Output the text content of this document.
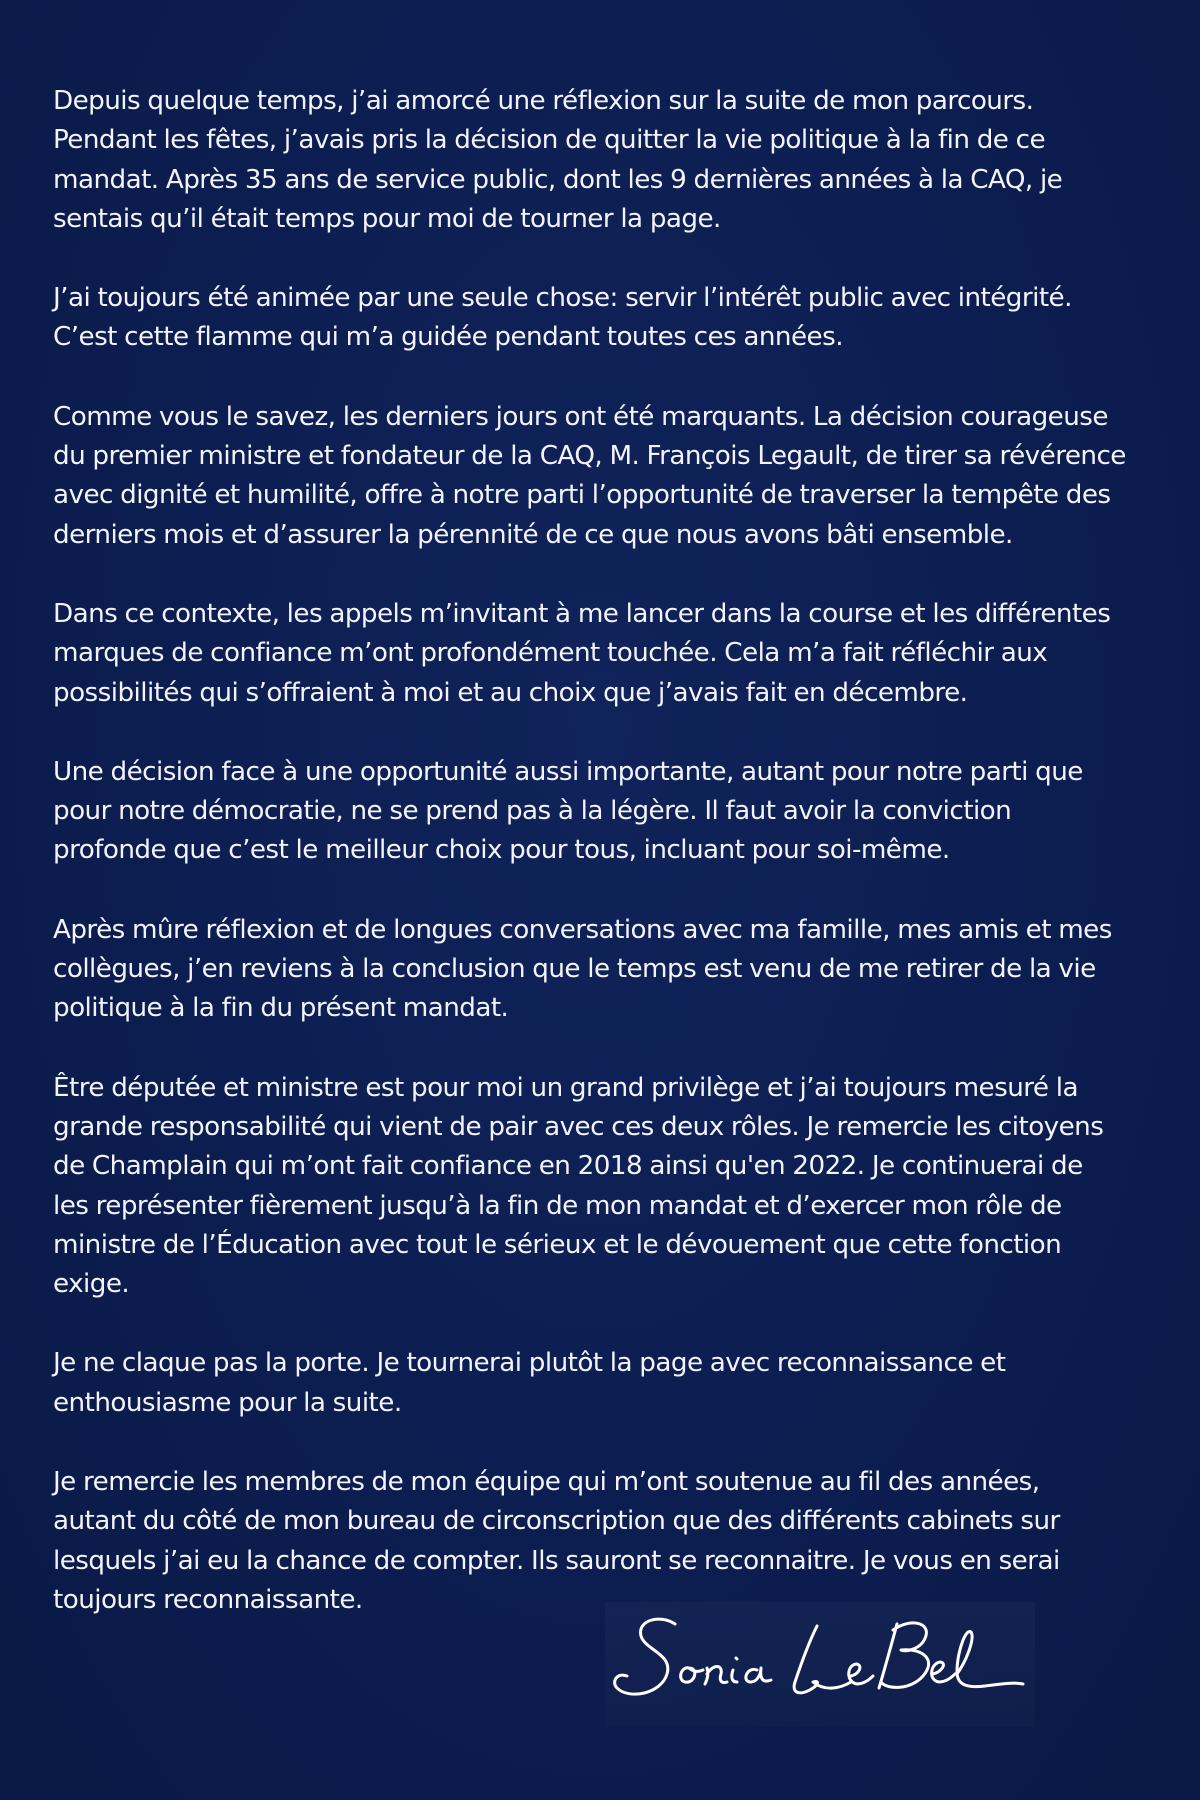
Depuis quelque temps, j’ai amorcé une réflexion sur la suite de mon parcours.
Pendant les fêtes, j’avais pris la décision de quitter la vie politique à la fin de ce
mandat. Après 35 ans de service public, dont les 9 dernières années à la CAQ, je
sentais qu’il était temps pour moi de tourner la page.

J’ai toujours été animée par une seule chose: servir l’intérêt public avec intégrité.
C’est cette flamme qui m’a guidée pendant toutes ces années.

Comme vous le savez, les derniers jours ont été marquants. La décision courageuse
du premier ministre et fondateur de la CAQ, M. François Legault, de tirer sa révérence
avec dignité et humilité, offre à notre parti l’opportunité de traverser la tempête des
derniers mois et d’assurer la pérennité de ce que nous avons bâti ensemble.

Dans ce contexte, les appels m’invitant à me lancer dans la course et les différentes
marques de confiance m’ont profondément touchée. Cela m’a fait réfléchir aux
possibilités qui s’offraient à moi et au choix que j’avais fait en décembre.

Une décision face à une opportunité aussi importante, autant pour notre parti que
pour notre démocratie, ne se prend pas à la légère. Il faut avoir la conviction
profonde que c’est le meilleur choix pour tous, incluant pour soi-même.

Après mûre réflexion et de longues conversations avec ma famille, mes amis et mes
collègues, j’en reviens à la conclusion que le temps est venu de me retirer de la vie
politique à la fin du présent mandat.

Être députée et ministre est pour moi un grand privilège et j’ai toujours mesuré la
grande responsabilité qui vient de pair avec ces deux rôles. Je remercie les citoyens
de Champlain qui m’ont fait confiance en 2018 ainsi qu'en 2022. Je continuerai de
les représenter fièrement jusqu’à la fin de mon mandat et d’exercer mon rôle de
ministre de l’Éducation avec tout le sérieux et le dévouement que cette fonction
exige.

Je ne claque pas la porte. Je tournerai plutôt la page avec reconnaissance et
enthousiasme pour la suite.

Je remercie les membres de mon équipe qui m’ont soutenue au fil des années,
autant du côté de mon bureau de circonscription que des différents cabinets sur
lesquels j’ai eu la chance de compter. Ils sauront se reconnaitre. Je vous en serai
toujours reconnaissante.
